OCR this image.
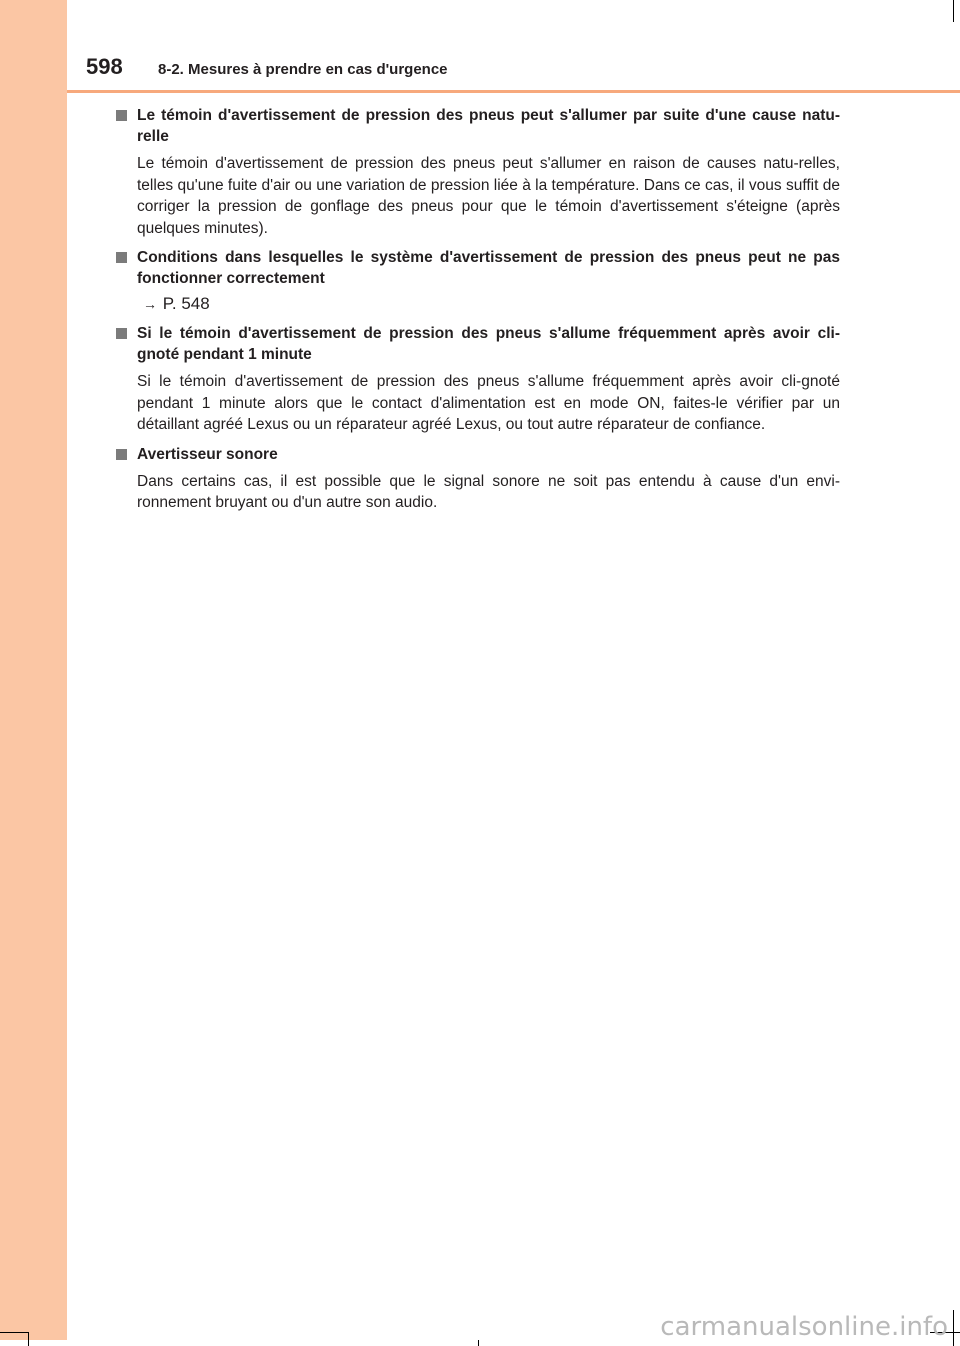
598 8-2. Mesures à prendre en cas d'urgence
Le témoin d'avertissement de pression des pneus peut s'allumer par suite d'une cause natu-relle
Le témoin d'avertissement de pression des pneus peut s'allumer en raison de causes natu-relles, telles qu'une fuite d'air ou une variation de pression liée à la température. Dans ce cas, il vous suffit de corriger la pression de gonflage des pneus pour que le témoin d'avertissement s'éteigne (après quelques minutes).
Conditions dans lesquelles le système d'avertissement de pression des pneus peut ne pas fonctionner correctement
→ P. 548
Si le témoin d'avertissement de pression des pneus s'allume fréquemment après avoir cli-gnoté pendant 1 minute
Si le témoin d'avertissement de pression des pneus s'allume fréquemment après avoir cli-gnoté pendant 1 minute alors que le contact d'alimentation est en mode ON, faites-le vérifier par un détaillant agréé Lexus ou un réparateur agréé Lexus, ou tout autre réparateur de confiance.
Avertisseur sonore
Dans certains cas, il est possible que le signal sonore ne soit pas entendu à cause d'un envi-ronnement bruyant ou d'un autre son audio.
carmanualsonline.info
